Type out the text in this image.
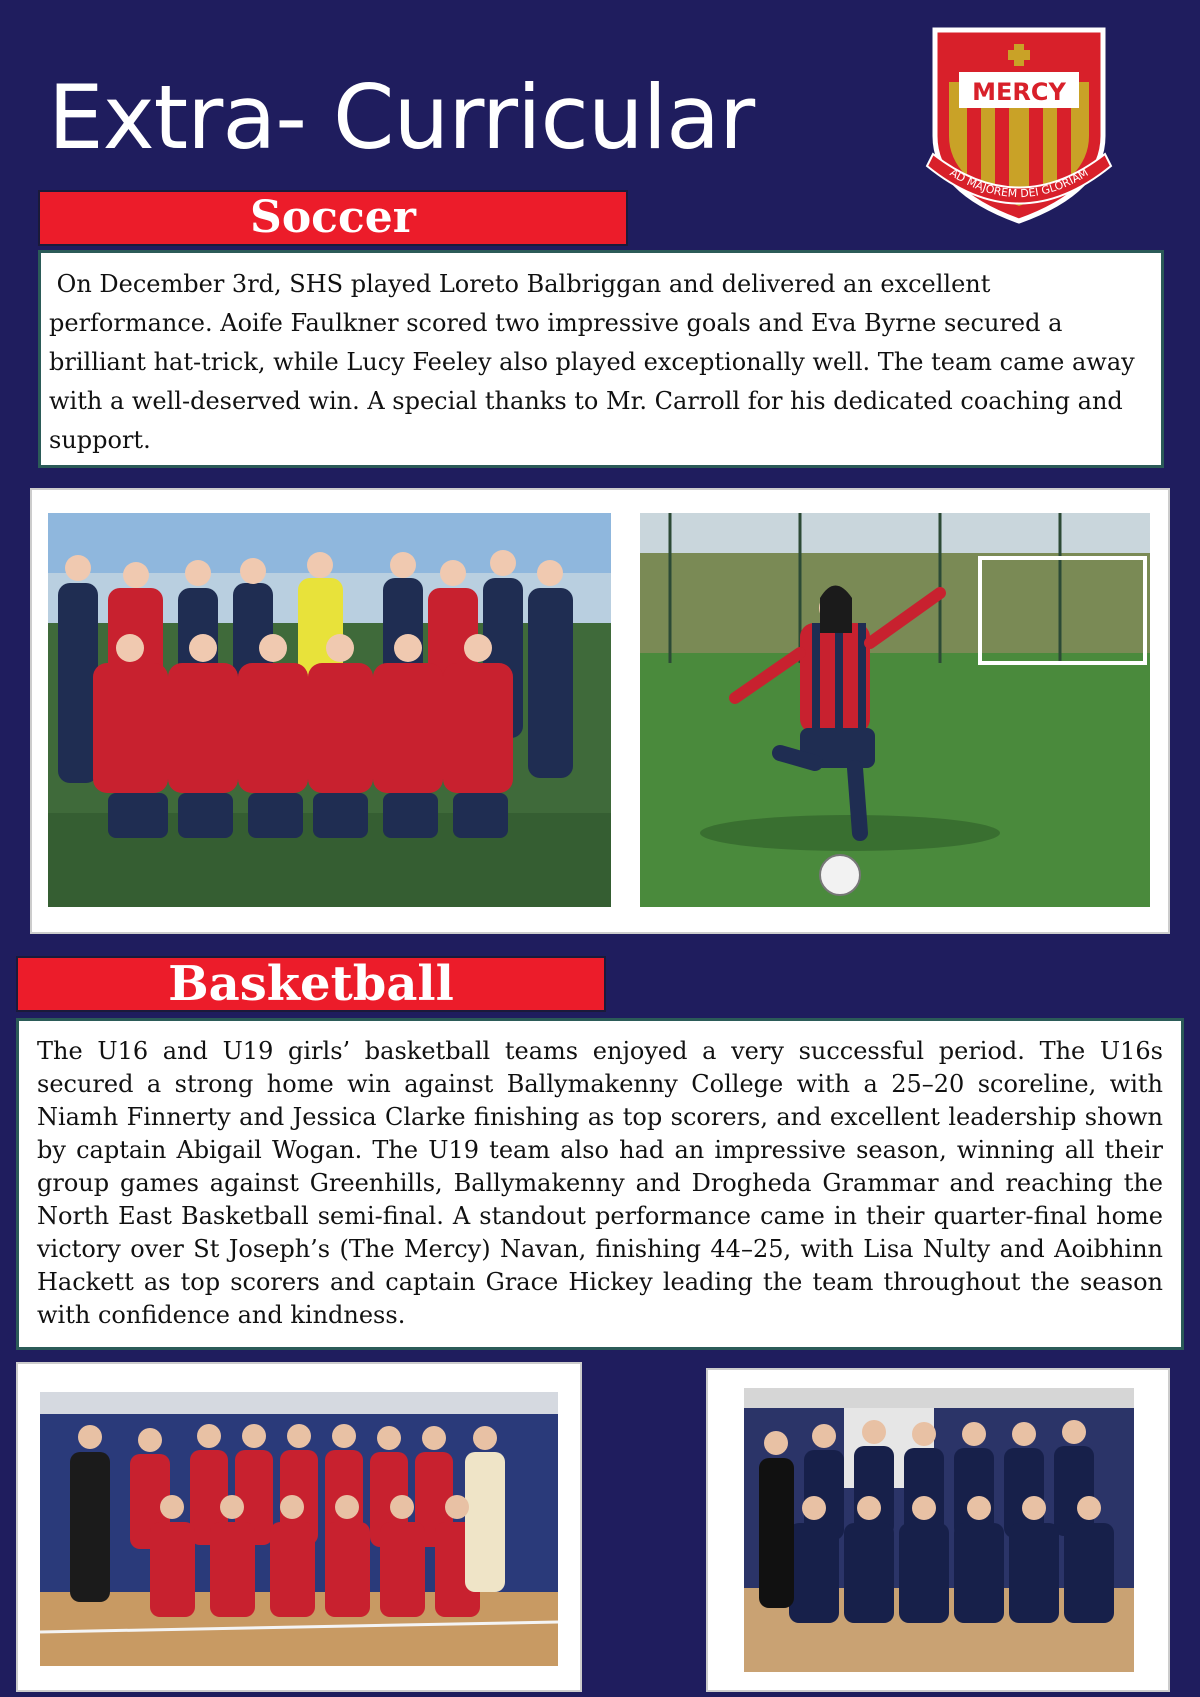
Extra- Curricular	MERCY
AD MAJOREM DEI GLORIAM
Soccer
On December 3rd, SHS played Loreto Balbriggan and delivered an excellent performance. Aoife Faulkner scored two impressive goals and Eva Byrne secured a brilliant hat-trick, while Lucy Feeley also played exceptionally well. The team came away with a well-deserved win. A special thanks to Mr. Carroll for his dedicated coaching and support.
Basketball
The U16 and U19 girls’ basketball teams enjoyed a very successful period. The U16s secured a strong home win against Ballymakenny College with a 25–20 scoreline, with Niamh Finnerty and Jessica Clarke finishing as top scorers, and excellent leadership shown by captain Abigail Wogan. The U19 team also had an impressive season, winning all their group games against Greenhills, Ballymakenny and Drogheda Grammar and reaching the North East Basketball semi-final. A standout performance came in their quarter-final home victory over St Joseph’s (The Mercy) Navan, finishing 44–25, with Lisa Nulty and Aoibhinn Hackett as top scorers and captain Grace Hickey leading the team throughout the season with confidence and kindness.
